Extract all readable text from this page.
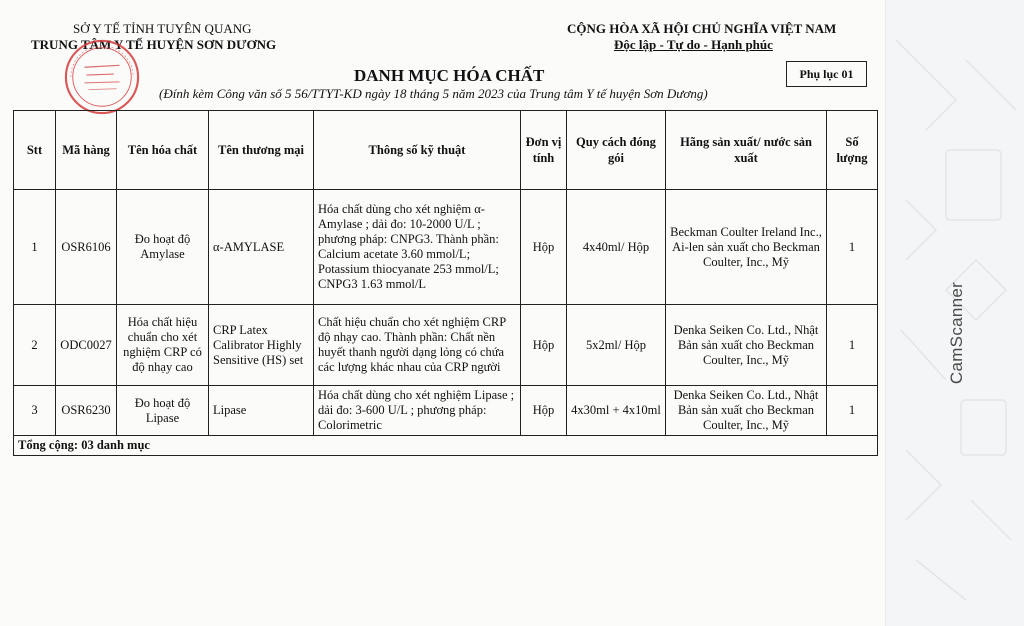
SỞ Y TẾ TỈNH TUYÊN QUANG
TRUNG TÂM Y TẾ HUYỆN SƠN DƯƠNG
CỘNG HÒA XÃ HỘI CHỦ NGHĨA VIỆT NAM
Độc lập - Tự do - Hạnh phúc
DANH MỤC HÓA CHẤT
(Đính kèm Công văn số 5 56/TTYT-KD ngày 18 tháng 5 năm 2023 của Trung tâm Y tế huyện Sơn Dương)
Phụ lục 01
Stt	Mã hàng	Tên hóa chất	Tên thương mại	Thông số kỹ thuật	Đơn vị tính	Quy cách đóng gói	Hãng sản xuất/ nước sản xuất	Số lượng
1	OSR6106	Đo hoạt độ Amylase	α-AMYLASE	Hóa chất dùng cho xét nghiệm α-Amylase ; dải đo: 10-2000 U/L ; phương pháp: CNPG3. Thành phần: Calcium acetate 3.60 mmol/L; Potassium thiocyanate 253 mmol/L; CNPG3 1.63 mmol/L	Hộp	4x40ml/ Hộp	Beckman Coulter Ireland Inc., Ai-len sản xuất cho Beckman Coulter, Inc., Mỹ	1
2	ODC0027	Hóa chất hiệu chuẩn cho xét nghiệm CRP có độ nhạy cao	CRP Latex Calibrator Highly Sensitive (HS) set	Chất hiệu chuẩn cho xét nghiệm CRP độ nhạy cao. Thành phần: Chất nền huyết thanh người dạng lỏng có chứa các lượng khác nhau của CRP người	Hộp	5x2ml/ Hộp	Denka Seiken Co. Ltd., Nhật Bản sản xuất cho Beckman Coulter, Inc., Mỹ	1
3	OSR6230	Đo hoạt độ Lipase	Lipase	Hóa chất dùng cho xét nghiệm Lipase ; dải đo: 3-600 U/L ; phương pháp: Colorimetric	Hộp	4x30ml + 4x10ml	Denka Seiken Co. Ltd., Nhật Bản sản xuất cho Beckman Coulter, Inc., Mỹ	1
Tổng cộng: 03 danh mục								
CamScanner
